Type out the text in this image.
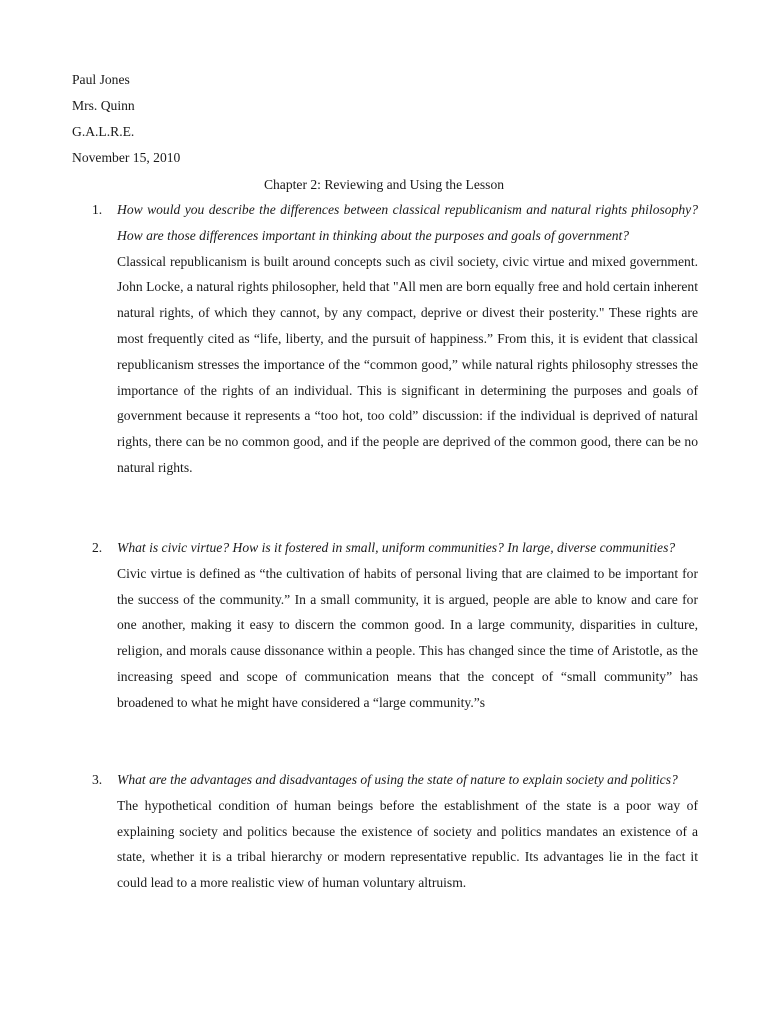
Paul Jones
Mrs. Quinn
G.A.L.R.E.
November 15, 2010
Chapter 2: Reviewing and Using the Lesson
1. How would you describe the differences between classical republicanism and natural rights philosophy? How are those differences important in thinking about the purposes and goals of government?
Classical republicanism is built around concepts such as civil society, civic virtue and mixed government. John Locke, a natural rights philosopher, held that "All men are born equally free and hold certain inherent natural rights, of which they cannot, by any compact, deprive or divest their posterity." These rights are most frequently cited as “life, liberty, and the pursuit of happiness.” From this, it is evident that classical republicanism stresses the importance of the “common good,” while natural rights philosophy stresses the importance of the rights of an individual. This is significant in determining the purposes and goals of government because it represents a “too hot, too cold” discussion: if the individual is deprived of natural rights, there can be no common good, and if the people are deprived of the common good, there can be no natural rights.
2. What is civic virtue? How is it fostered in small, uniform communities? In large, diverse communities?
Civic virtue is defined as “the cultivation of habits of personal living that are claimed to be important for the success of the community.” In a small community, it is argued, people are able to know and care for one another, making it easy to discern the common good. In a large community, disparities in culture, religion, and morals cause dissonance within a people. This has changed since the time of Aristotle, as the increasing speed and scope of communication means that the concept of “small community” has broadened to what he might have considered a “large community.”s
3. What are the advantages and disadvantages of using the state of nature to explain society and politics?
The hypothetical condition of human beings before the establishment of the state is a poor way of explaining society and politics because the existence of society and politics mandates an existence of a state, whether it is a tribal hierarchy or modern representative republic. Its advantages lie in the fact it could lead to a more realistic view of human voluntary altruism.
